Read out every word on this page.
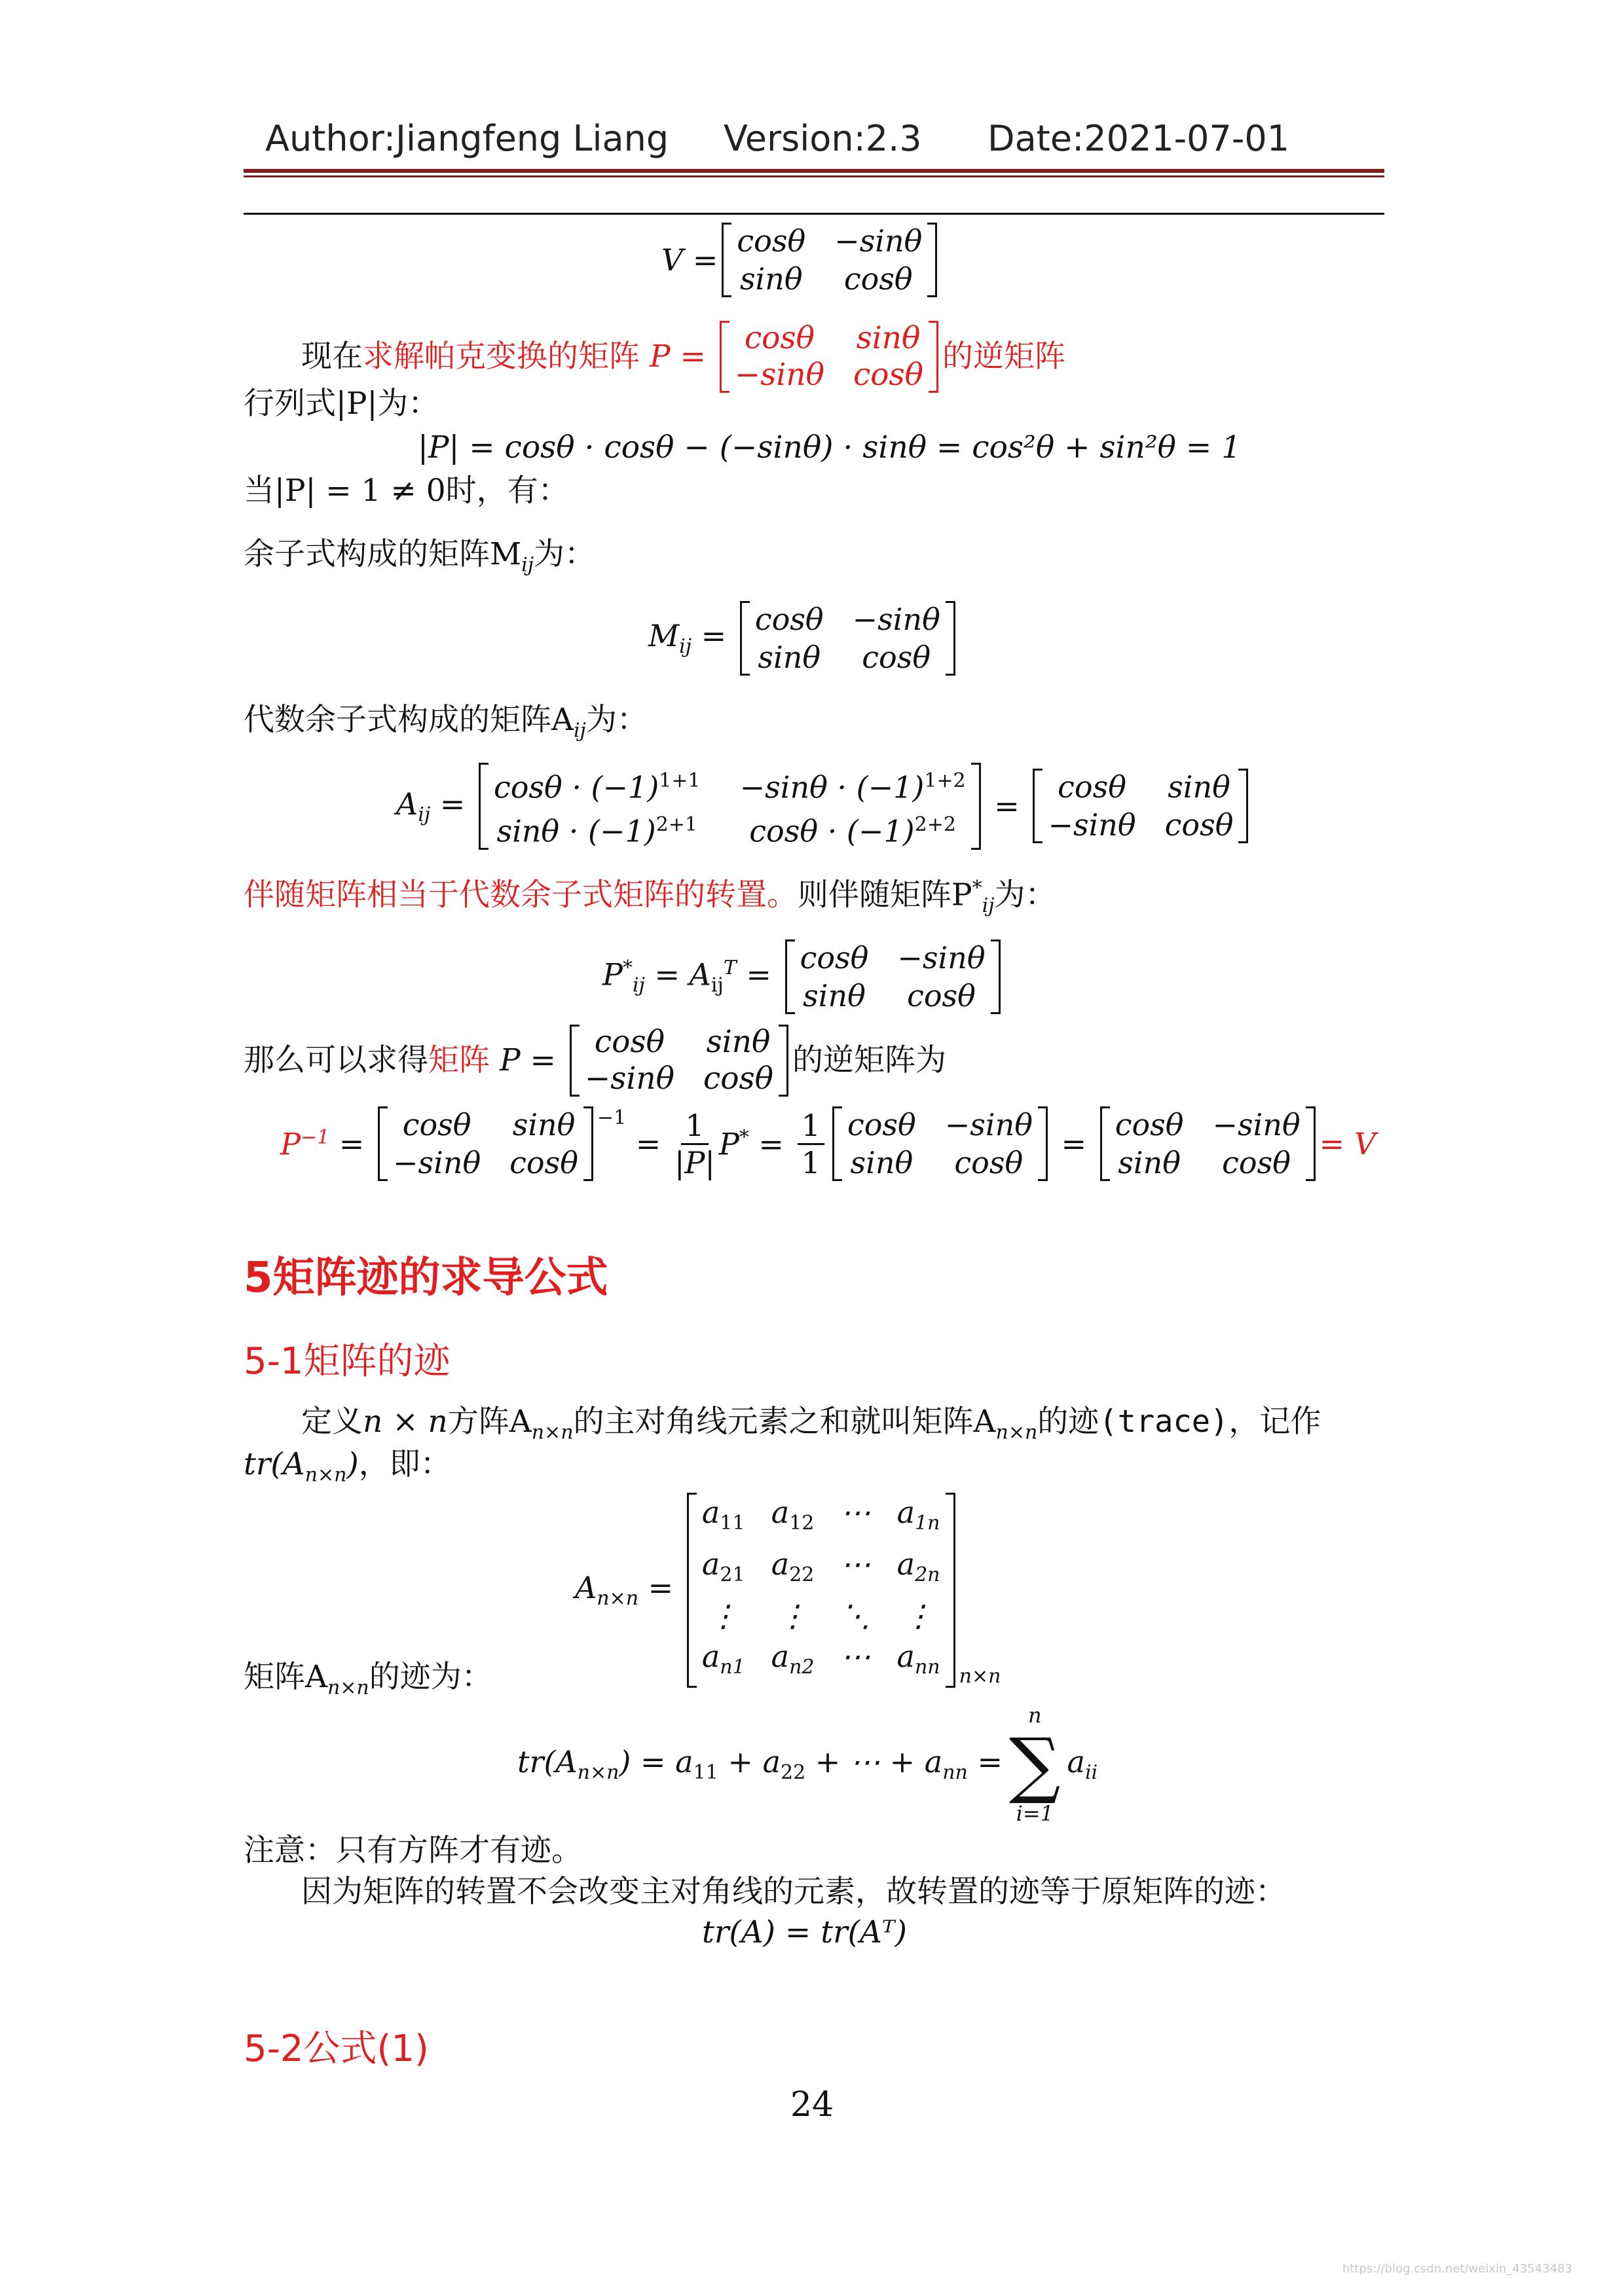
Author:Jiangfeng Liang Version:2.3 Date:2021-07-01
V =
cosθ −sinθ
sinθ	cosθ
现在 求解帕克变换的矩阵 P =
cosθ	sinθ
−sinθ cosθ
的逆矩阵
行列式|P|为：
|P| = cosθ · cosθ − (−sinθ) · sinθ = cos²θ + sin²θ = 1
当|P| = 1 ≠ 0时，有：
余子式构成的矩阵$M_{ij}$为：
$M_{ij} = \cos\theta -\sin\theta$
sinθ	cosθ
代数余子式构成的矩阵$A_{ij}$为：
$A_{ij} = \cos\theta \cdot (-1)^{1+1} -\sin\theta \cdot (-1)^{1+2}$
$\sin\theta \cdot (-1)^{2+1}$	$\cos\theta \cdot (-1)^{2+2}$
=
cosθ	sinθ
−sinθ cosθ
伴随矩阵相当于代数余子式矩阵的转置。则伴随矩阵$P^*_{ij}$为：
$P^*_{ij} = A_{ij}^T = \cos\theta -\sin\theta$
sinθ	cosθ
那么可以求得 矩阵 P =
cosθ	sinθ
−sinθ cosθ
的逆矩阵为
$P^{-1}$ =
cosθ	sinθ
−sinθ cosθ
$^{-1}$
= $\frac{1}{|P|} P^* = \frac{1}{1}$ cosθ −sinθ
sinθ	cosθ
=
cosθ −sinθ
sinθ	cosθ
= V
5矩阵迹的求导公式
5-1矩阵的迹
定义n × n方阵$A_{n\times n}$的主对角线元素之和就叫矩阵$A_{n\times n}$的迹(trace)，记作
$tr(A_{n\times n})$，即：
$A_{n\times n}$ =
$a_{11}$ $a_{12}$ ⋯ $a_{1n}$
$a_{21}$ $a_{22}$ ⋯ $a_{2n}$
⋮ ⋮ ⋱ ⋮
$a_{n1}$ $a_{n2}$ ⋯ $a_{nn}$ $_{n\times n}$
矩阵$A_{n\times n}$的迹为：
$tr(A_{n\times n}) = a_{11} + a_{22}$ + ⋯ + $a_{nn}$ =
n
∑
i=1
$a_{ii}$
注意：只有方阵才有迹。
因为矩阵的转置不会改变主对角线的元素，故转置的迹等于原矩阵的迹：
tr(A) = tr(Aᵀ)
5-2公式(1)
24
https://blog.csdn.net/weixin_43543483
